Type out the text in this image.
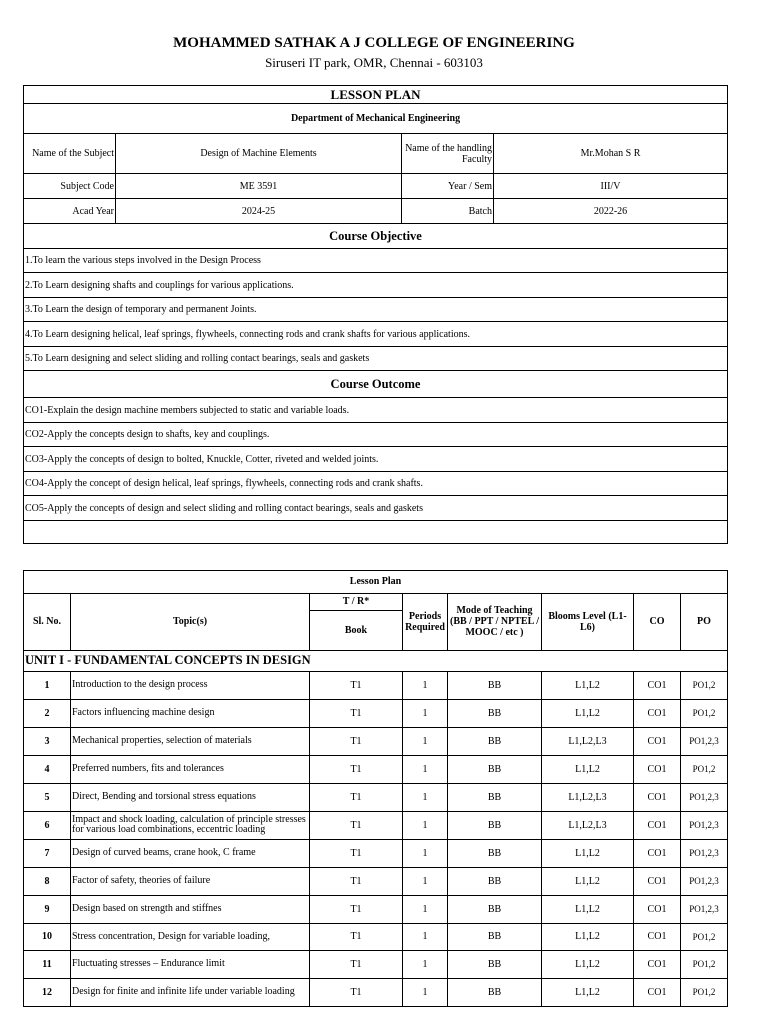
MOHAMMED SATHAK A J COLLEGE OF ENGINEERING
Siruseri IT park, OMR, Chennai - 603103
LESSON PLAN			
Department of Mechanical Engineering			
Name of the Subject	Design of Machine Elements	Name of the handling Faculty	Mr.Mohan S R
Subject Code	ME 3591	Year / Sem	III/V
Acad Year	2024-25	Batch	2022-26
Course Objective			
1.To learn the various steps involved in the Design Process			
2.To Learn designing shafts and couplings for various applications.			
3.To Learn the design of temporary and permanent Joints.			
4.To Learn designing helical, leaf springs, flywheels, connecting rods and crank shafts for various applications.			
5.To Learn designing and select sliding and rolling contact bearings, seals and gaskets			
Course Outcome			
CO1-Explain the design machine members subjected to static and variable loads.			
CO2-Apply the concepts design to shafts, key and couplings.			
CO3-Apply the concepts of design to bolted, Knuckle, Cotter, riveted and welded joints.			
CO4-Apply the concept of design helical, leaf springs, flywheels, connecting rods and crank shafts.			
CO5-Apply the concepts of design and select sliding and rolling contact bearings, seals and gaskets			

Lesson Plan							
Sl. No.	Topic(s)	T / R*	Periods Required	Mode of Teaching (BB / PPT / NPTEL / MOOC / etc )	Blooms Level (L1-L6)	CO	PO
		Book					
UNIT I - FUNDAMENTAL CONCEPTS IN DESIGN							
1	Introduction to the design process	T1	1	BB	L1,L2	CO1	PO1,2
2	Factors influencing machine design	T1	1	BB	L1,L2	CO1	PO1,2
3	Mechanical properties, selection of materials	T1	1	BB	L1,L2,L3	CO1	PO1,2,3
4	Preferred numbers, fits and tolerances	T1	1	BB	L1,L2	CO1	PO1,2
5	Direct, Bending and torsional stress equations	T1	1	BB	L1,L2,L3	CO1	PO1,2,3
6	Impact and shock loading, calculation of principle stresses for various load combinations, eccentric loading	T1	1	BB	L1,L2,L3	CO1	PO1,2,3
7	Design of curved beams, crane hook, C frame	T1	1	BB	L1,L2	CO1	PO1,2,3
8	Factor of safety, theories of failure	T1	1	BB	L1,L2	CO1	PO1,2,3
9	Design based on strength and stiffnes	T1	1	BB	L1,L2	CO1	PO1,2,3
10	Stress concentration, Design for variable loading,	T1	1	BB	L1,L2	CO1	PO1,2
11	Fluctuating stresses – Endurance limit	T1	1	BB	L1,L2	CO1	PO1,2
12	Design for finite and infinite life under variable loading	T1	1	BB	L1,L2	CO1	PO1,2
